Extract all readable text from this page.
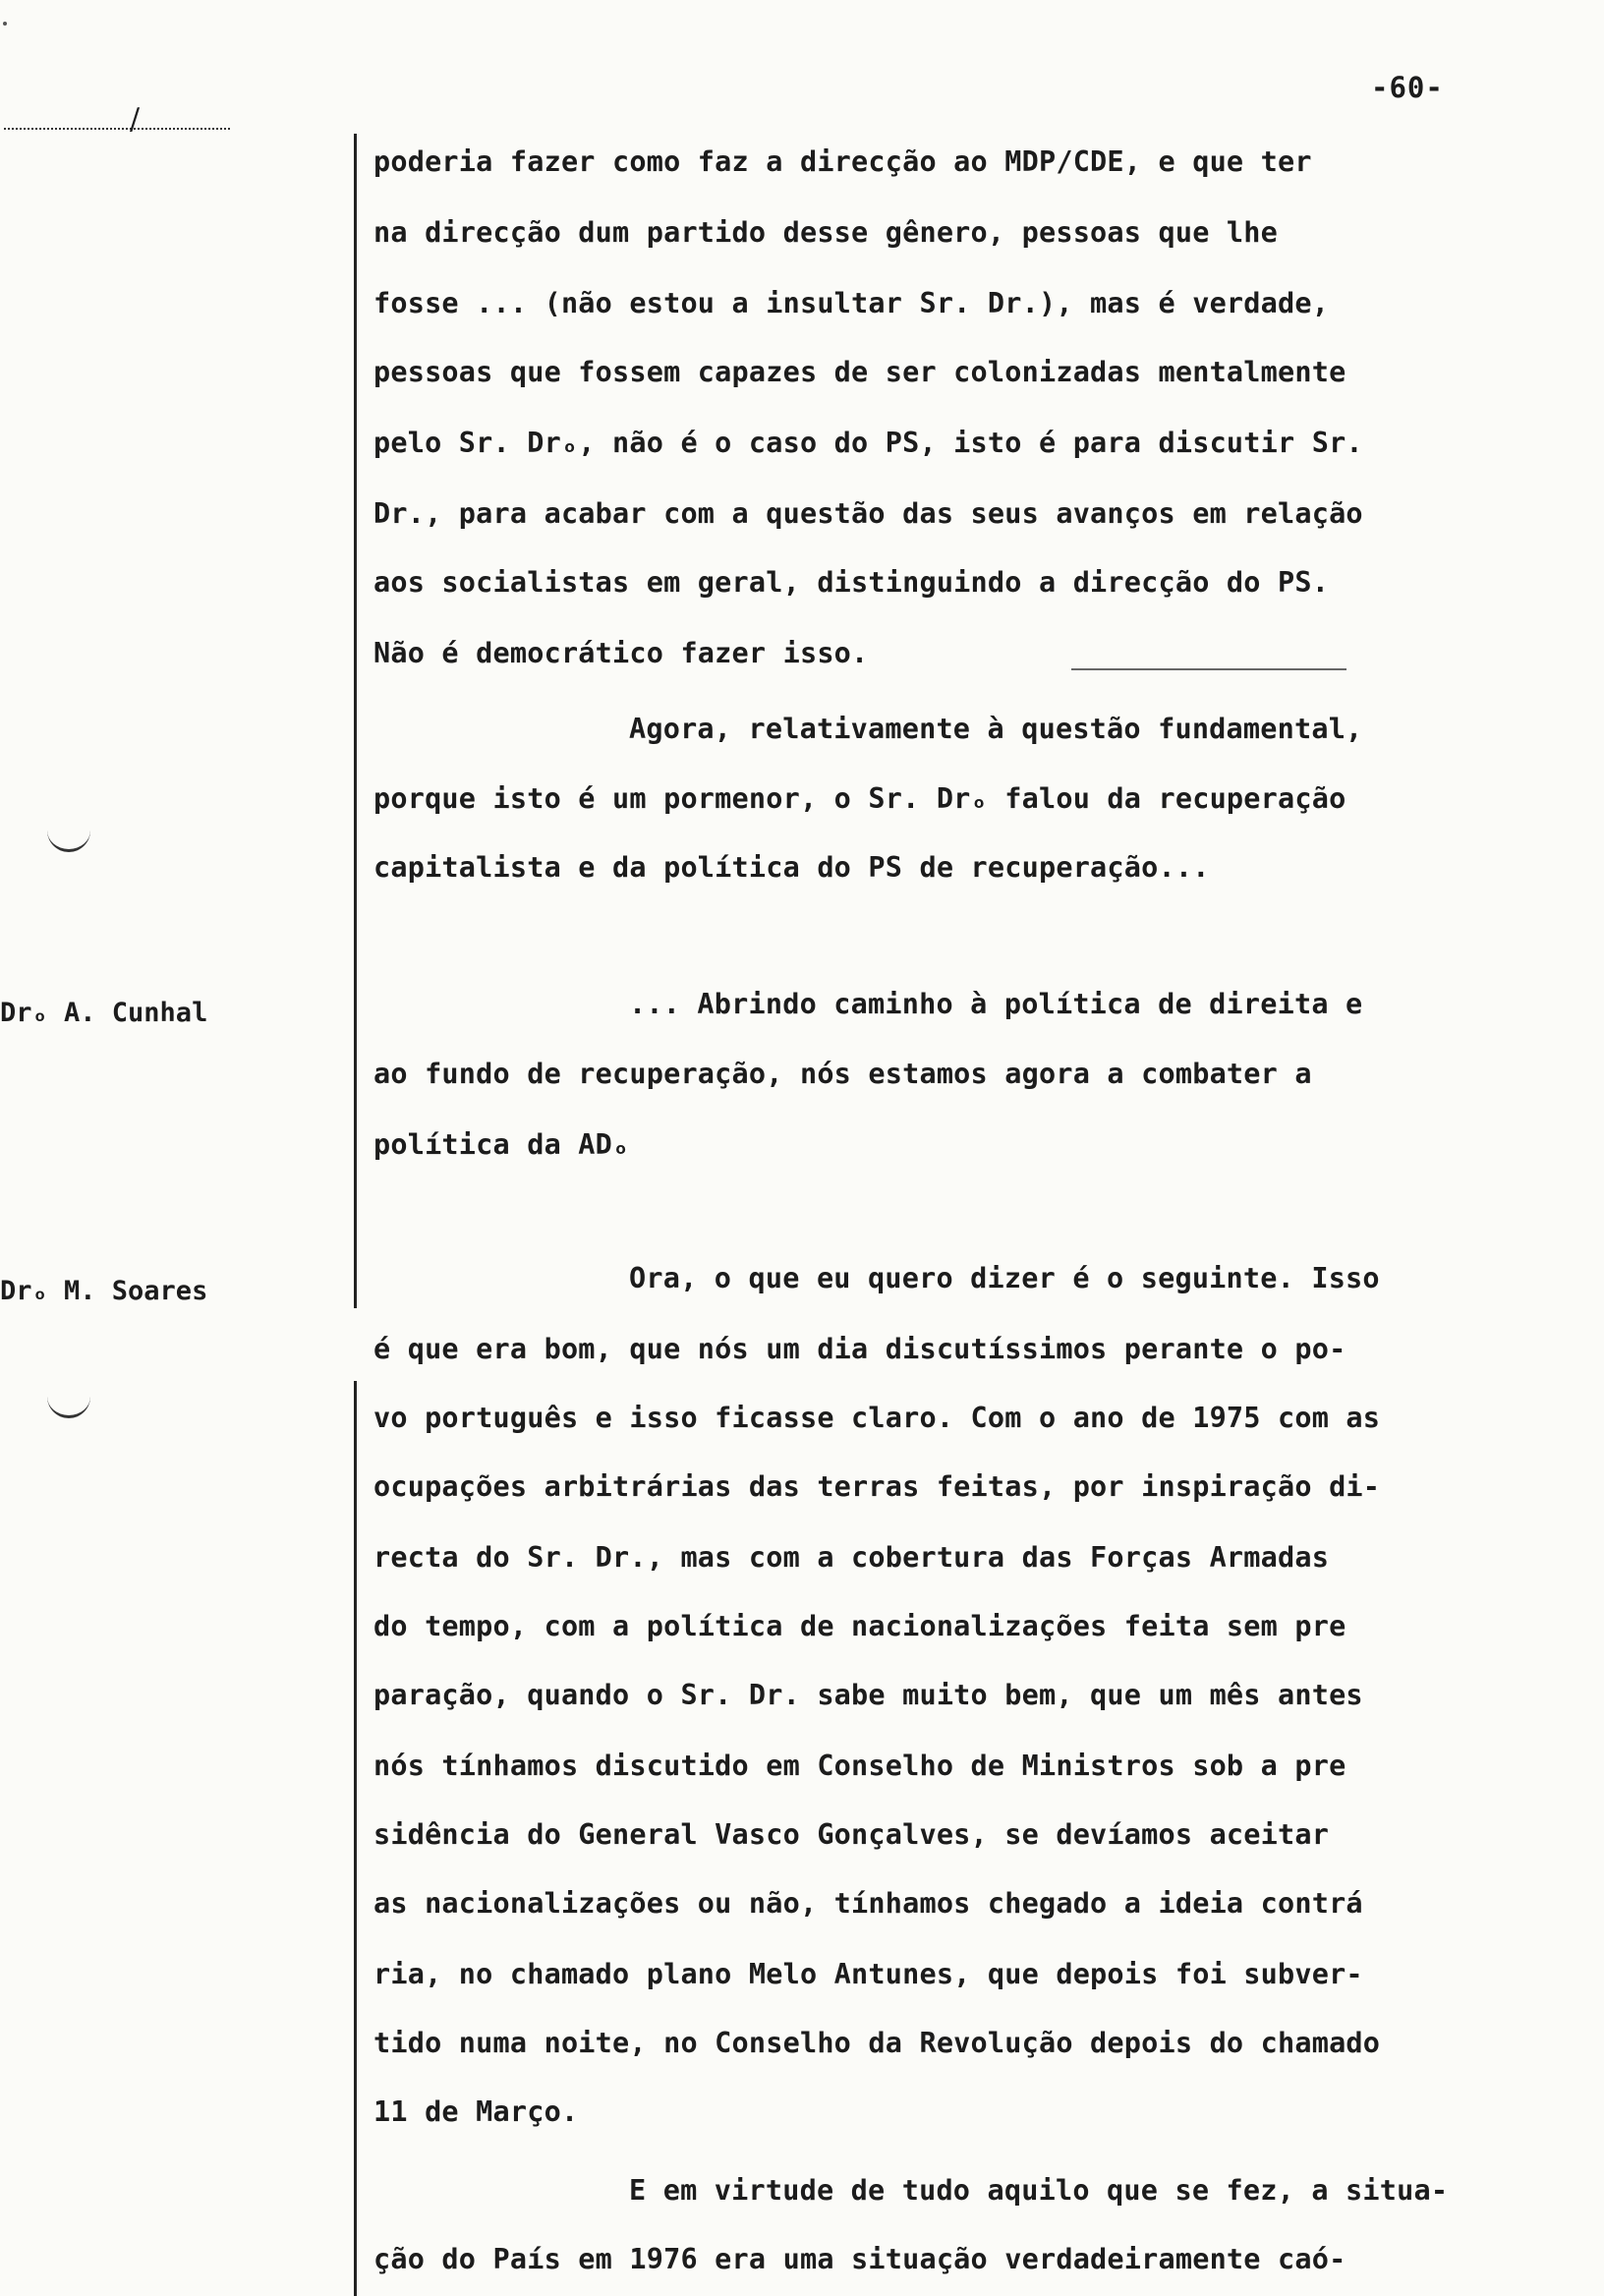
-60-
/
Drₒ A. Cunhal
Drₒ M. Soares
poderia fazer como faz a direcção ao MDP/CDE, e que ter
na direcção dum partido desse gênero, pessoas que lhe
fosse ... (não estou a insultar Sr. Dr.), mas é verdade,
pessoas que fossem capazes de ser colonizadas mentalmente
pelo Sr. Drₒ, não é o caso do PS, isto é para discutir Sr.
Dr., para acabar com a questão das seus avanços em relação
aos socialistas em geral, distinguindo a direcção do PS.
Não é democrático fazer isso.
Agora, relativamente à questão fundamental,
porque isto é um pormenor, o Sr. Drₒ falou da recuperação
capitalista e da política do PS de recuperação...
... Abrindo caminho à política de direita e
ao fundo de recuperação, nós estamos agora a combater a
política da ADₒ
Ora, o que eu quero dizer é o seguinte. Isso
é que era bom, que nós um dia discutíssimos perante o po-
vo português e isso ficasse claro. Com o ano de 1975 com as
ocupações arbitrárias das terras feitas, por inspiração di-
recta do Sr. Dr., mas com a cobertura das Forças Armadas
do tempo, com a política de nacionalizações feita sem pre
paração, quando o Sr. Dr. sabe muito bem, que um mês antes
nós tínhamos discutido em Conselho de Ministros sob a pre
sidência do General Vasco Gonçalves, se devíamos aceitar
as nacionalizações ou não, tínhamos chegado a ideia contrá
ria, no chamado plano Melo Antunes, que depois foi subver-
tido numa noite, no Conselho da Revolução depois do chamado
11 de Março.
E em virtude de tudo aquilo que se fez, a situa-
ção do País em 1976 era uma situação verdadeiramente caó-
